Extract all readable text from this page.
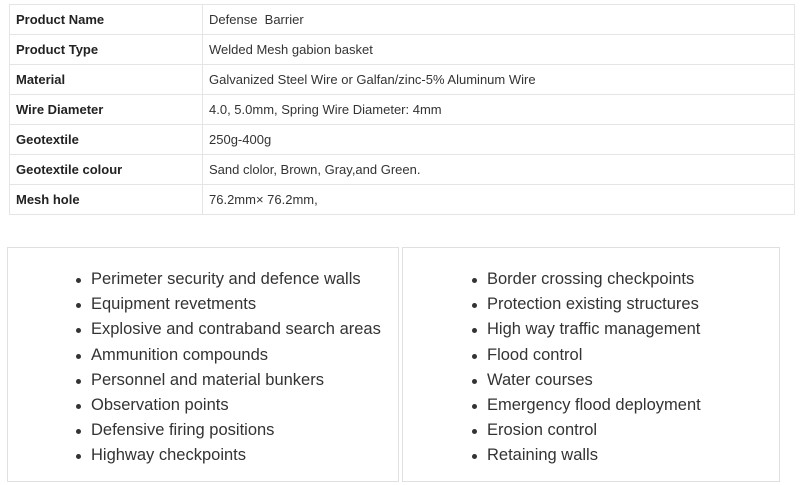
Product Name	Defense  Barrier
Product Type	Welded Mesh gabion basket
Material	Galvanized Steel Wire or Galfan/zinc-5% Aluminum Wire
Wire Diameter	4.0, 5.0mm, Spring Wire Diameter: 4mm
Geotextile	250g-400g
Geotextile colour	Sand clolor, Brown, Gray,and Green.
Mesh hole	76.2mm× 76.2mm,
Perimeter security and defence walls
Equipment revetments
Explosive and contraband search areas
Ammunition compounds
Personnel and material bunkers
Observation points
Defensive firing positions
Highway checkpoints
Border crossing checkpoints
Protection existing structures
High way traffic management
Flood control
Water courses
Emergency flood deployment
Erosion control
Retaining walls
